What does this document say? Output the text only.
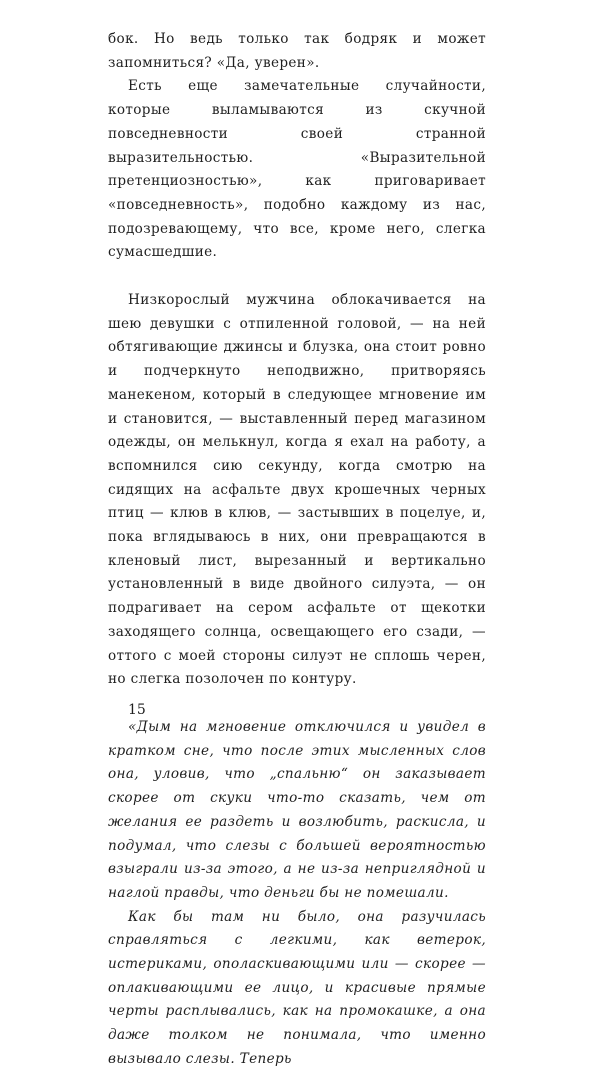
бок. Но ведь только так бодряк и может запомниться? «Да, уверен».

Есть еще замечательные случайности, которые выламываются из скучной повседневности своей странной выразительностью. «Выразительной претенциозностью», как приговаривает «повседневность», подобно каждому из нас, подозревающему, что все, кроме него, слегка сумасшедшие.

Низкорослый мужчина облокачивается на шею девушки с отпиленной головой, — на ней обтягивающие джинсы и блузка, она стоит ровно и подчеркнуто неподвижно, притворяясь манекеном, который в следующее мгновение им и становится, — выставленный перед магазином одежды, он мелькнул, когда я ехал на работу, а вспомнился сию секунду, когда смотрю на сидящих на асфальте двух крошечных черных птиц — клюв в клюв, — застывших в поцелуе, и, пока вглядываюсь в них, они превращаются в кленовый лист, вырезанный и вертикально установленный в виде двойного силуэта, — он подрагивает на сером асфальте от щекотки заходящего солнца, освещающего его сзади, — оттого с моей стороны силуэт не сплошь черен, но слегка позолочен по контуру.

«Дым на мгновение отключился и увидел в кратком сне, что после этих мысленных слов она, уловив, что „спальню“ он заказывает скорее от скуки что-то сказать, чем от желания ее раздеть и возлюбить, раскисла, и подумал, что слезы с большей вероятностью взыграли из-за этого, а не из-за неприглядной и наглой правды, что деньги бы не помешали.

Как бы там ни было, она разучилась справляться с легкими, как ветерок, истериками, ополаскивающими или — скорее — оплакивающими ее лицо, и красивые прямые черты расплывались, как на промокашке, а она даже толком не понимала, что именно вызывало слезы. Теперь

15
